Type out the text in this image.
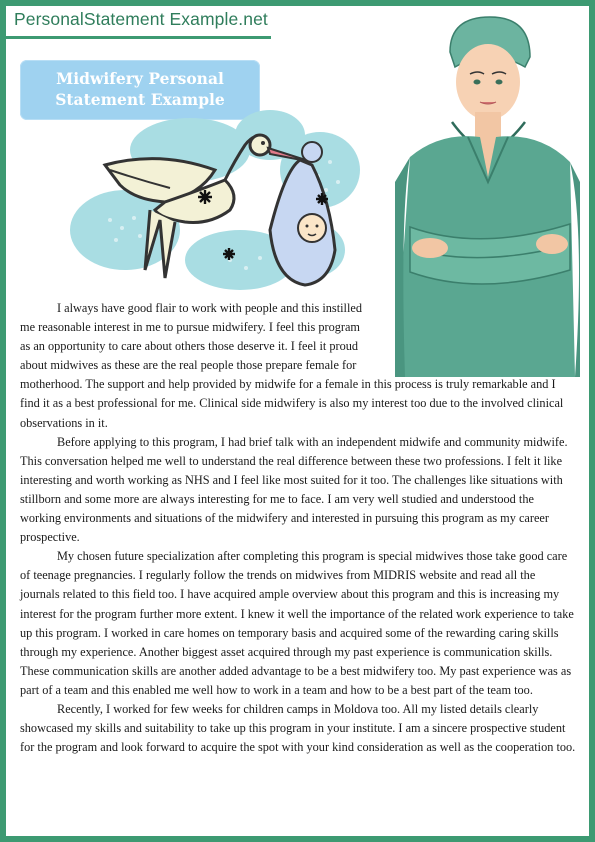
PersonalStatement Example.net
Midwifery Personal
Statement Example

I always have good flair to work with people and this instilled

me reasonable interest in me to pursue midwifery. I feel this program

as an opportunity to care about others those deserve it. I feel it proud

about midwives as these are the real people those prepare female for

motherhood. The support and help provided by midwife for a female in this process is truly remarkable and I find it as a best professional for me. Clinical side midwifery is also my interest too due to the involved clinical observations in it.

Before applying to this program, I had brief talk with an independent midwife and community midwife. This conversation helped me well to understand the real difference between these two professions. I felt it like interesting and worth working as NHS and I feel like most suited for it too. The challenges like situations with stillborn and some more are always interesting for me to face. I am very well studied and understood the working environments and situations of the midwifery and interested in pursuing this program as my career prospective.

My chosen future specialization after completing this program is special midwives those take good care of teenage pregnancies. I regularly follow the trends on midwives from MIDRIS website and read all the journals related to this field too. I have acquired ample overview about this program and this is increasing my interest for the program further more extent. I knew it well the importance of the related work experience to take up this program. I worked in care homes on temporary basis and acquired some of the rewarding caring skills through my experience. Another biggest asset acquired through my past experience is communication skills. These communication skills are another added advantage to be a best midwifery too. My past experience was as part of a team and this enabled me well how to work in a team and how to be a best part of the team too.

Recently, I worked for few weeks for children camps in Moldova too. All my listed details clearly showcased my skills and suitability to take up this program in your institute. I am a sincere prospective student for the program and look forward to acquire the spot with your kind consideration as well as the cooperation too.
